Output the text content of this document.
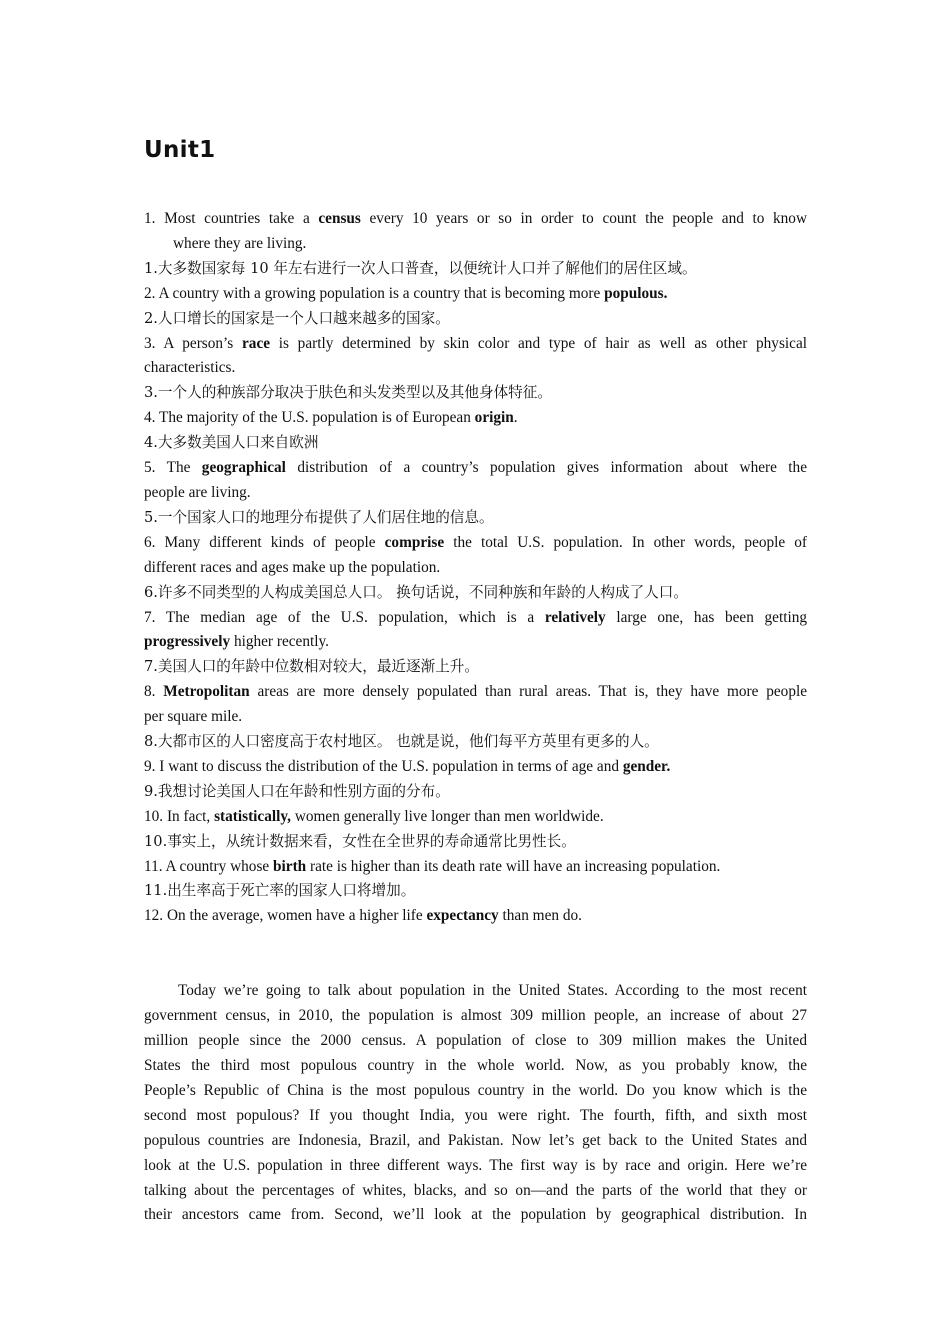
Unit1
1. Most countries take a census every 10 years or so in order to count the people and to know
where they are living.
1.大多数国家每 10 年左右进行一次人口普查，以便统计人口并了解他们的居住区域。
2. A country with a growing population is a country that is becoming more populous.
2.人口增长的国家是一个人口越来越多的国家。
3. A person’s race is partly determined by skin color and type of hair as well as other physical
characteristics.
3.一个人的种族部分取决于肤色和头发类型以及其他身体特征。
4. The majority of the U.S. population is of European origin.
4.大多数美国人口来自欧洲
5. The geographical distribution of a country’s population gives information about where the
people are living.
5.一个国家人口的地理分布提供了人们居住地的信息。
6. Many different kinds of people comprise the total U.S. population. In other words, people of
different races and ages make up the population.
6.许多不同类型的人构成美国总人口。 换句话说，不同种族和年龄的人构成了人口。
7. The median age of the U.S. population, which is a relatively large one, has been getting
progressively higher recently.
7.美国人口的年龄中位数相对较大，最近逐渐上升。
8. Metropolitan areas are more densely populated than rural areas. That is, they have more people
per square mile.
8.大都市区的人口密度高于农村地区。 也就是说，他们每平方英里有更多的人。
9. I want to discuss the distribution of the U.S. population in terms of age and gender.
9.我想讨论美国人口在年龄和性别方面的分布。
10. In fact, statistically, women generally live longer than men worldwide.
10.事实上，从统计数据来看，女性在全世界的寿命通常比男性长。
11. A country whose birth rate is higher than its death rate will have an increasing population.
11.出生率高于死亡率的国家人口将增加。
12. On the average, women have a higher life expectancy than men do.
Today we’re going to talk about population in the United States. According to the most recent
government census, in 2010, the population is almost 309 million people, an increase of about 27
million people since the 2000 census. A population of close to 309 million makes the United
States the third most populous country in the whole world. Now, as you probably know, the
People’s Republic of China is the most populous country in the world. Do you know which is the
second most populous? If you thought India, you were right. The fourth, fifth, and sixth most
populous countries are Indonesia, Brazil, and Pakistan. Now let’s get back to the United States and
look at the U.S. population in three different ways. The first way is by race and origin. Here we’re
talking about the percentages of whites, blacks, and so on—and the parts of the world that they or
their ancestors came from. Second, we’ll look at the population by geographical distribution. In
